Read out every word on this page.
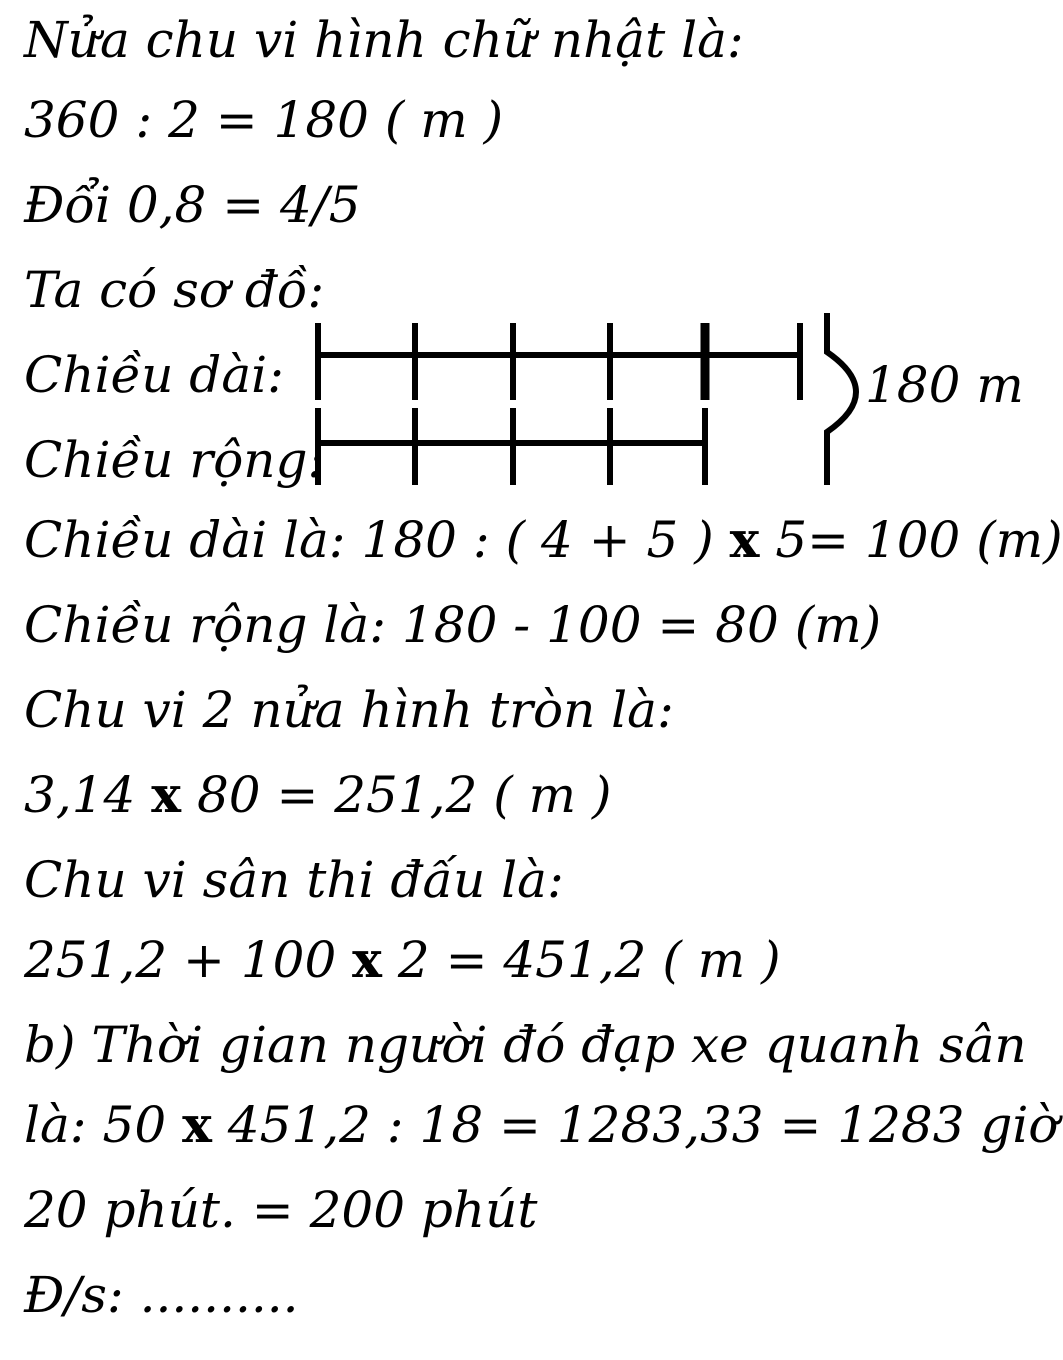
Nửa chu vi hình chữ nhật là:
360 : 2 = 180 ( m )
Đổi 0,8 = 4/5
Ta có sơ đồ:
Chiều dài:
Chiều rộng:
Chiều dài là: 180 : ( 4 + 5 ) x 5= 100 (m)
Chiều rộng là: 180 - 100 = 80 (m)
Chu vi 2 nửa hình tròn là:
3,14 x 80 = 251,2 ( m )
Chu vi sân thi đấu là:
251,2 + 100 x 2 = 451,2 ( m )
b) Thời gian người đó đạp xe quanh sân
là: 50 x 451,2 : 18 = 1283,33 = 1283 giờ
20 phút. = 200 phút
Đ/s: ..........
180 m
